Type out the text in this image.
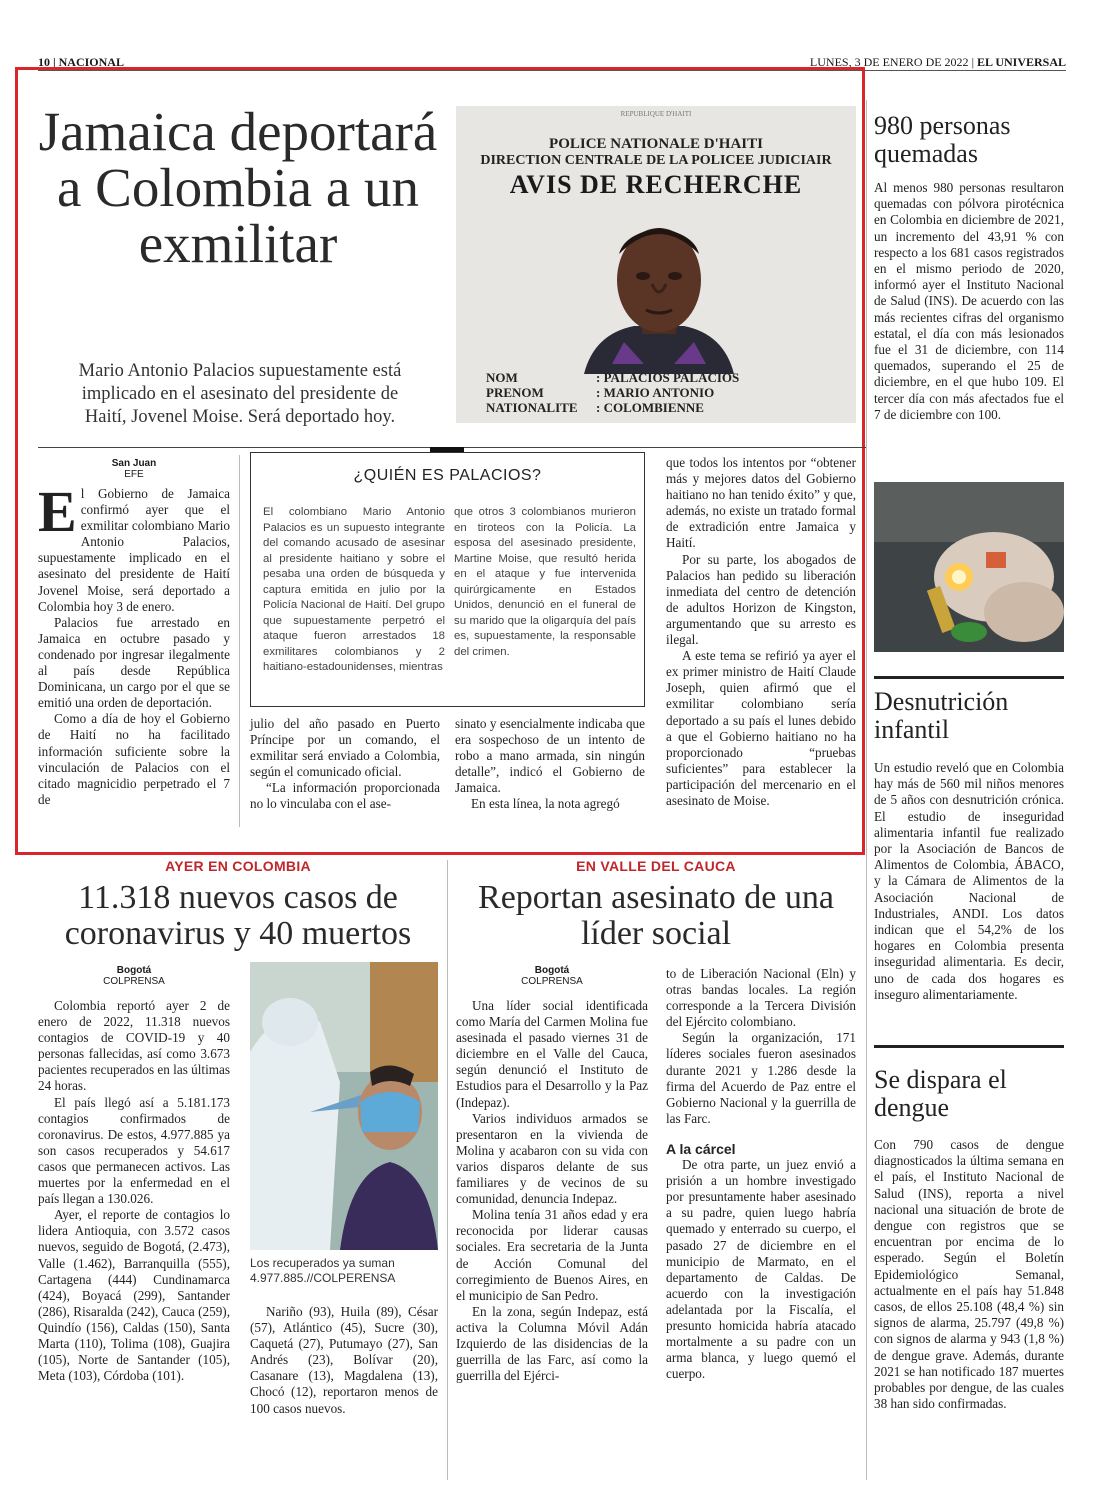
10 | NACIONAL	LUNES, 3 DE ENERO DE 2022 | EL UNIVERSAL
Jamaica deportará a Colombia a un exmilitar
Mario Antonio Palacios supuestamente está implicado en el asesinato del presidente de Haití, Jovenel Moise. Será deportado hoy.
REPUBLIQUE D'HAITI
POLICE NATIONALE D'HAITI
DIRECTION CENTRALE DE LA POLICEE JUDICIAIR
AVIS DE RECHERCHE
NOM	: PALACIOS PALACIOS
PRENOM	: MARIO ANTONIO
NATIONALITE : COLOMBIENNE
San Juan
EFE
E l Gobierno de Jamaica confirmó ayer que el exmilitar colombiano Mario Antonio Palacios, supuestamente implicado en el asesinato del presidente de Haití Jovenel Moise, será deportado a Colombia hoy 3 de enero.

Palacios fue arrestado en Jamaica en octubre pasado y condenado por ingresar ilegalmente al país desde República Dominicana, un cargo por el que se emitió una orden de deportación.

Como a día de hoy el Gobierno de Haití no ha facilitado información suficiente sobre la vinculación de Palacios con el citado magnicidio perpetrado el 7 de

¿QUIÉN ES PALACIOS?
El colombiano Mario Antonio Palacios es un supuesto integrante del comando acusado de asesinar al presidente haitiano y sobre el pesaba una orden de búsqueda y captura emitida en julio por la Policía Nacional de Haití. Del grupo que supuestamente perpetró el ataque fueron arrestados 18 exmilitares colombianos y 2 haitiano-estadounidenses, mientras
que otros 3 colombianos murieron en tiroteos con la Policía. La esposa del asesinado presidente, Martine Moise, que resultó herida en el ataque y fue intervenida quirúrgicamente en Estados Unidos, denunció en el funeral de su marido que la oligarquía del país es, supuestamente, la responsable del crimen.

julio del año pasado en Puerto Príncipe por un comando, el exmilitar será enviado a Colombia, según el comunicado oficial.

“La información proporcionada no lo vinculaba con el ase-

sinato y esencialmente indicaba que era sospechoso de un intento de robo a mano armada, sin ningún detalle”, indicó el Gobierno de Jamaica.

En esta línea, la nota agregó

que todos los intentos por “obtener más y mejores datos del Gobierno haitiano no han tenido éxito” y que, además, no existe un tratado formal de extradición entre Jamaica y Haití.

Por su parte, los abogados de Palacios han pedido su liberación inmediata del centro de detención de adultos Horizon de Kingston, argumentando que su arresto es ilegal.

A este tema se refirió ya ayer el ex primer ministro de Haití Claude Joseph, quien afirmó que el exmilitar colombiano sería deportado a su país el lunes debido a que el Gobierno haitiano no ha proporcionado “pruebas suficientes” para establecer la participación del mercenario en el asesinato de Moise.

980 personas quemadas
Al menos 980 personas resultaron quemadas con pólvora pirotécnica en Colombia en diciembre de 2021, un incremento del 43,91 % con respecto a los 681 casos registrados en el mismo periodo de 2020, informó ayer el Instituto Nacional de Salud (INS). De acuerdo con las más recientes cifras del organismo estatal, el día con más lesionados fue el 31 de diciembre, con 114 quemados, superando el 25 de diciembre, en el que hubo 109. El tercer día con más afectados fue el 7 de diciembre con 100.
Desnutrición infantil
Un estudio reveló que en Colombia hay más de 560 mil niños menores de 5 años con desnutrición crónica. El estudio de inseguridad alimentaria infantil fue realizado por la Asociación de Bancos de Alimentos de Colombia, ÁBACO, y la Cámara de Alimentos de la Asociación Nacional de Industriales, ANDI. Los datos indican que el 54,2% de los hogares en Colombia presenta inseguridad alimentaria. Es decir, uno de cada dos hogares es inseguro alimentariamente.
Se dispara el dengue
Con 790 casos de dengue diagnosticados la última semana en el país, el Instituto Nacional de Salud (INS), reporta a nivel nacional una situación de brote de dengue con registros que se encuentran por encima de lo esperado. Según el Boletín Epidemiológico Semanal, actualmente en el país hay 51.848 casos, de ellos 25.108 (48,4 %) sin signos de alarma, 25.797 (49,8 %) con signos de alarma y 943 (1,8 %) de dengue grave. Además, durante 2021 se han notificado 187 muertes probables por dengue, de las cuales 38 han sido confirmadas.
AYER EN COLOMBIA
11.318 nuevos casos de coronavirus y 40 muertos
Bogotá
COLPRENSA

Colombia reportó ayer 2 de enero de 2022, 11.318 nuevos contagios de COVID-19 y 40 personas fallecidas, así como 3.673 pacientes recuperados en las últimas 24 horas.

El país llegó así a 5.181.173 contagios confirmados de coronavirus. De estos, 4.977.885 ya son casos recuperados y 54.617 casos que permanecen activos. Las muertes por la enfermedad en el país llegan a 130.026.

Ayer, el reporte de contagios lo lidera Antioquia, con 3.572 casos nuevos, seguido de Bogotá, (2.473), Valle (1.462), Barranquilla (555), Cartagena (444) Cundinamarca (424), Boyacá (299), Santander (286), Risaralda (242), Cauca (259), Quindío (156), Caldas (150), Santa Marta (110), Tolima (108), Guajira (105), Norte de Santander (105), Meta (103), Córdoba (101).

Los recuperados ya suman 4.977.885.//COLPERENSA

Nariño (93), Huila (89), César (57), Atlántico (45), Sucre (30), Caquetá (27), Putumayo (27), San Andrés (23), Bolívar (20), Casanare (13), Magdalena (13), Chocó (12), reportaron menos de 100 casos nuevos.

EN VALLE DEL CAUCA
Reportan asesinato de una líder social
Bogotá
COLPRENSA

Una líder social identificada como María del Carmen Molina fue asesinada el pasado viernes 31 de diciembre en el Valle del Cauca, según denunció el Instituto de Estudios para el Desarrollo y la Paz (Indepaz).

Varios individuos armados se presentaron en la vivienda de Molina y acabaron con su vida con varios disparos delante de sus familiares y de vecinos de su comunidad, denuncia Indepaz.

Molina tenía 31 años edad y era reconocida por liderar causas sociales. Era secretaria de la Junta de Acción Comunal del corregimiento de Buenos Aires, en el municipio de San Pedro.

En la zona, según Indepaz, está activa la Columna Móvil Adán Izquierdo de las disidencias de la guerrilla de las Farc, así como la guerrilla del Ejérci-

to de Liberación Nacional (Eln) y otras bandas locales. La región corresponde a la Tercera División del Ejército colombiano.

Según la organización, 171 líderes sociales fueron asesinados durante 2021 y 1.286 desde la firma del Acuerdo de Paz entre el Gobierno Nacional y la guerrilla de las Farc.

A la cárcel

De otra parte, un juez envió a prisión a un hombre investigado por presuntamente haber asesinado a su padre, quien luego habría quemado y enterrado su cuerpo, el pasado 27 de diciembre en el municipio de Marmato, en el departamento de Caldas. De acuerdo con la investigación adelantada por la Fiscalía, el presunto homicida habría atacado mortalmente a su padre con un arma blanca, y luego quemó el cuerpo.
